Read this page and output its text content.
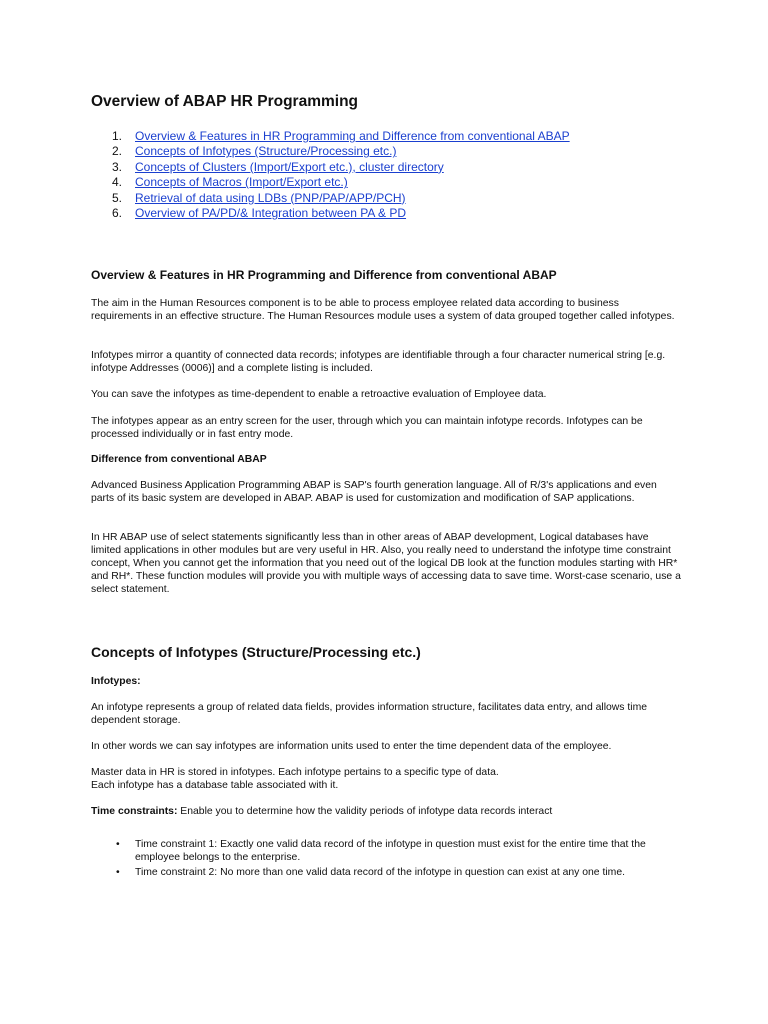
Overview of ABAP HR Programming
1. Overview & Features in HR Programming and Difference from conventional ABAP
2. Concepts of Infotypes (Structure/Processing etc.)
3. Concepts of Clusters (Import/Export etc.), cluster directory
4. Concepts of Macros (Import/Export etc.)
5. Retrieval of data using LDBs (PNP/PAP/APP/PCH)
6. Overview of PA/PD/& Integration between PA & PD
Overview & Features in HR Programming and Difference from conventional ABAP

The aim in the Human Resources component is to be able to process employee related data according to business requirements in an effective structure. The Human Resources module uses a system of data grouped together called infotypes.

Infotypes mirror a quantity of connected data records; infotypes are identifiable through a four character numerical string [e.g. infotype Addresses (0006)] and a complete listing is included.

You can save the infotypes as time-dependent to enable a retroactive evaluation of Employee data.

The infotypes appear as an entry screen for the user, through which you can maintain infotype records. Infotypes can be processed individually or in fast entry mode.

Difference from conventional ABAP

Advanced Business Application Programming ABAP is SAP's fourth generation language. All of R/3's applications and even parts of its basic system are developed in ABAP. ABAP is used for customization and modification of SAP applications.

In HR ABAP use of select statements significantly less than in other areas of ABAP development, Logical databases have limited applications in other modules but are very useful in HR. Also, you really need to understand the infotype time constraint concept, When you cannot get the information that you need out of the logical DB look at the function modules starting with HR* and RH*. These function modules will provide you with multiple ways of accessing data to save time. Worst-case scenario, use a select statement.

Concepts of Infotypes (Structure/Processing etc.)

Infotypes:

An infotype represents a group of related data fields, provides information structure, facilitates data entry, and allows time dependent storage.

In other words we can say infotypes are information units used to enter the time dependent data of the employee.

Master data in HR is stored in infotypes. Each infotype pertains to a specific type of data.

Each infotype has a database table associated with it.

Time constraints: Enable you to determine how the validity periods of infotype data records interact

• Time constraint 1: Exactly one valid data record of the infotype in question must exist for the entire time that the employee belongs to the enterprise.
• Time constraint 2: No more than one valid data record of the infotype in question can exist at any one time.
